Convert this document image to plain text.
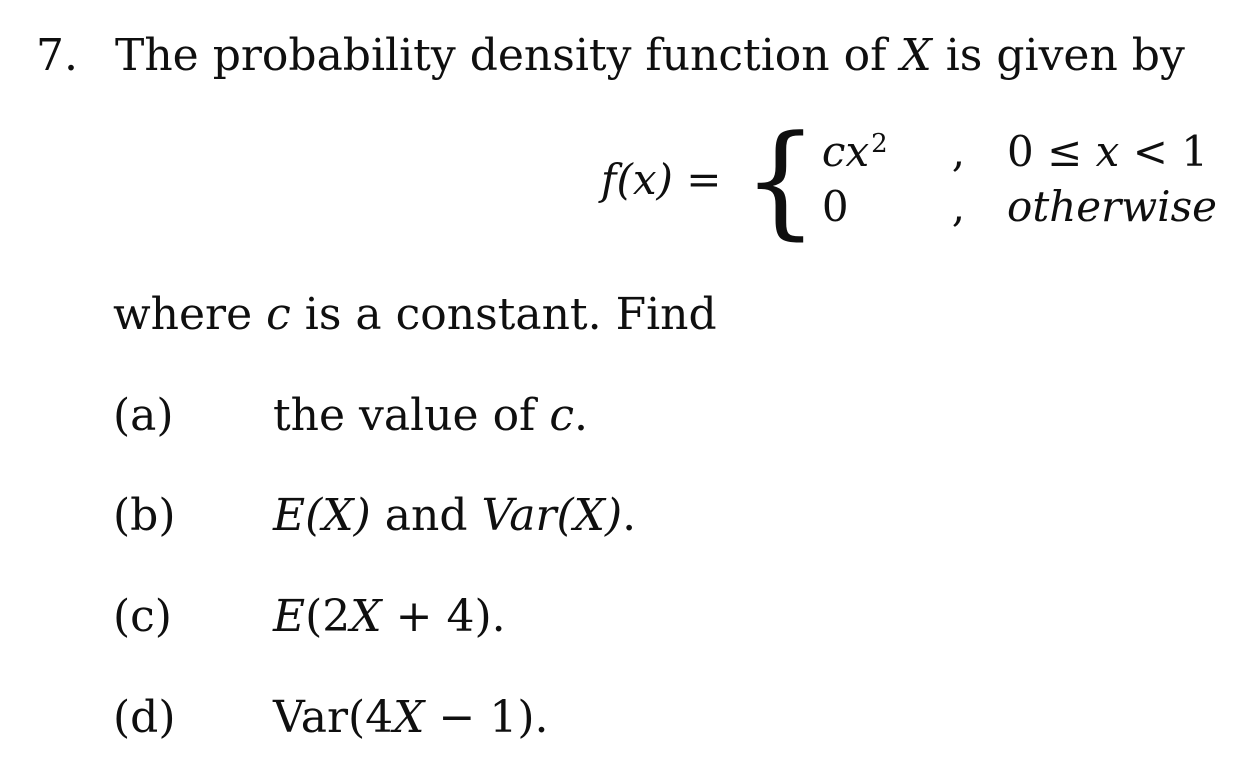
7. The probability density function of X is given by
f(x) = { $cx^2$	,	0 ≤ x < 1
0	,	otherwise
where c is a constant. Find
(a)	the value of c.
(b)	E(X) and Var(X).
(c)	E(2X + 4).
(d)	Var(4X − 1).
